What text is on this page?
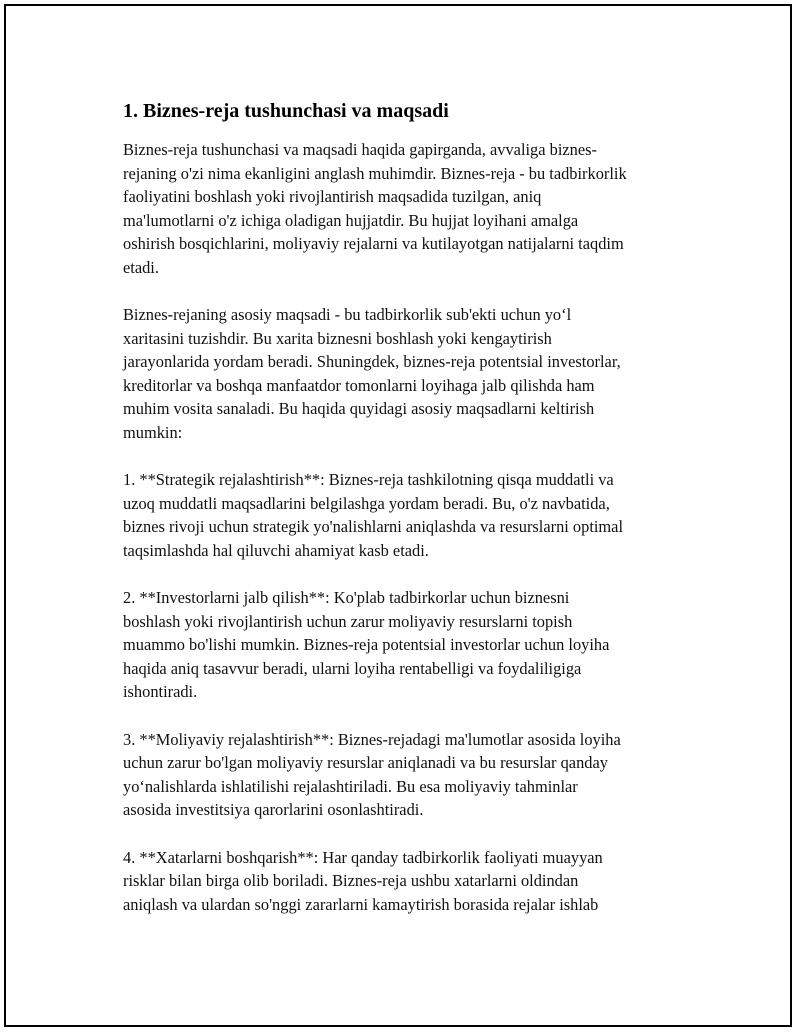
1. Biznes-reja tushunchasi va maqsadi
Biznes-reja tushunchasi va maqsadi haqida gapirganda, avvaliga biznes-
rejaning o'zi nima ekanligini anglash muhimdir. Biznes-reja - bu tadbirkorlik
faoliyatini boshlash yoki rivojlantirish maqsadida tuzilgan, aniq
ma'lumotlarni o'z ichiga oladigan hujjatdir. Bu hujjat loyihani amalga
oshirish bosqichlarini, moliyaviy rejalarni va kutilayotgan natijalarni taqdim
etadi.
Biznes-rejaning asosiy maqsadi - bu tadbirkorlik sub'ekti uchun yo‘l
xaritasini tuzishdir. Bu xarita biznesni boshlash yoki kengaytirish
jarayonlarida yordam beradi. Shuningdek, biznes-reja potentsial investorlar,
kreditorlar va boshqa manfaatdor tomonlarni loyihaga jalb qilishda ham
muhim vosita sanaladi. Bu haqida quyidagi asosiy maqsadlarni keltirish
mumkin:
1. **Strategik rejalashtirish**: Biznes-reja tashkilotning qisqa muddatli va
uzoq muddatli maqsadlarini belgilashga yordam beradi. Bu, o'z navbatida,
biznes rivoji uchun strategik yo'nalishlarni aniqlashda va resurslarni optimal
taqsimlashda hal qiluvchi ahamiyat kasb etadi.
2. **Investorlarni jalb qilish**: Ko'plab tadbirkorlar uchun biznesni
boshlash yoki rivojlantirish uchun zarur moliyaviy resurslarni topish
muammo bo'lishi mumkin. Biznes-reja potentsial investorlar uchun loyiha
haqida aniq tasavvur beradi, ularni loyiha rentabelligi va foydaliligiga
ishontiradi.
3. **Moliyaviy rejalashtirish**: Biznes-rejadagi ma'lumotlar asosida loyiha
uchun zarur bo'lgan moliyaviy resurslar aniqlanadi va bu resurslar qanday
yo‘nalishlarda ishlatilishi rejalashtiriladi. Bu esa moliyaviy tahminlar
asosida investitsiya qarorlarini osonlashtiradi.
4. **Xatarlarni boshqarish**: Har qanday tadbirkorlik faoliyati muayyan
risklar bilan birga olib boriladi. Biznes-reja ushbu xatarlarni oldindan
aniqlash va ulardan so'nggi zararlarni kamaytirish borasida rejalar ishlab
